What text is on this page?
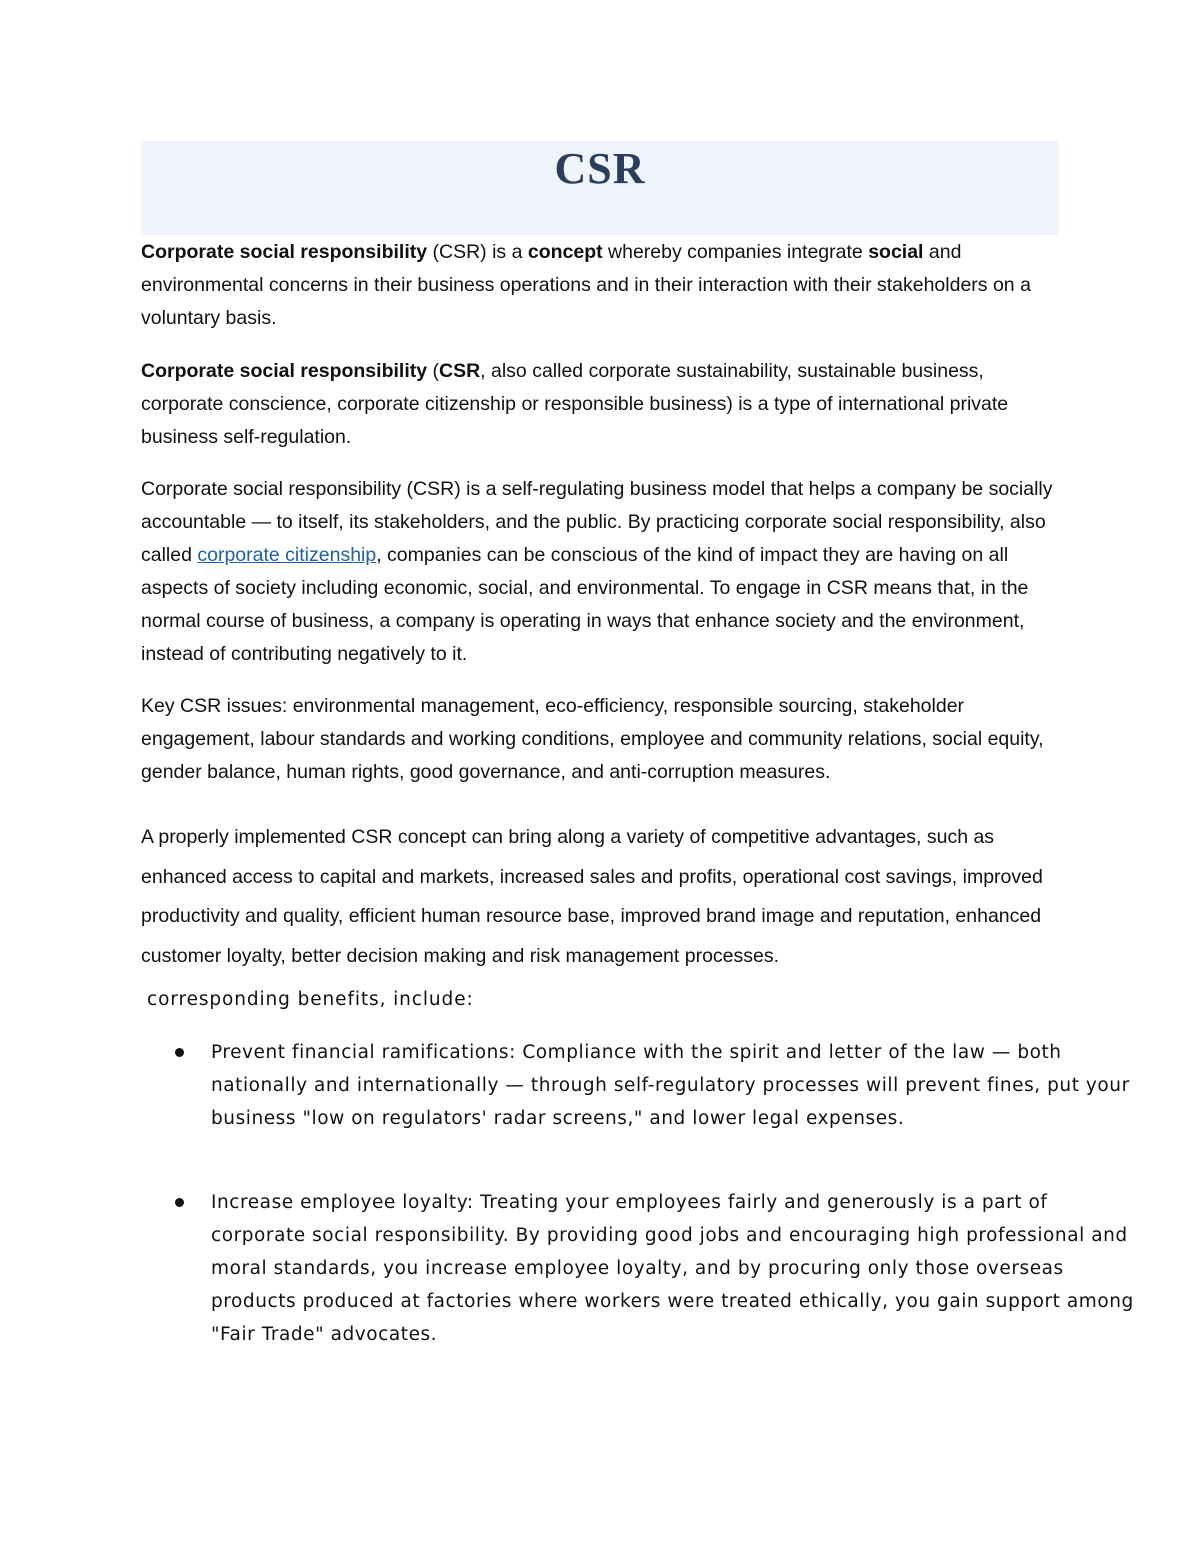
CSR

Corporate social responsibility (CSR) is a concept whereby companies integrate social and environmental concerns in their business operations and in their interaction with their stakeholders on a voluntary basis.

Corporate social responsibility (CSR, also called corporate sustainability, sustainable business, corporate conscience, corporate citizenship or responsible business) is a type of international private business self-regulation.

Corporate social responsibility (CSR) is a self-regulating business model that helps a company be socially accountable — to itself, its stakeholders, and the public. By practicing corporate social responsibility, also called corporate citizenship, companies can be conscious of the kind of impact they are having on all aspects of society including economic, social, and environmental. To engage in CSR means that, in the normal course of business, a company is operating in ways that enhance society and the environment, instead of contributing negatively to it.

Key CSR issues: environmental management, eco-efficiency, responsible sourcing, stakeholder engagement, labour standards and working conditions, employee and community relations, social equity, gender balance, human rights, good governance, and anti-corruption measures.

A properly implemented CSR concept can bring along a variety of competitive advantages, such as enhanced access to capital and markets, increased sales and profits, operational cost savings, improved productivity and quality, efficient human resource base, improved brand image and reputation, enhanced customer loyalty, better decision making and risk management processes.

corresponding benefits, include:
Prevent financial ramifications: Compliance with the spirit and letter of the law — both nationally and internationally — through self-regulatory processes will prevent fines, put your business "low on regulators' radar screens," and lower legal expenses.
Increase employee loyalty: Treating your employees fairly and generously is a part of corporate social responsibility. By providing good jobs and encouraging high professional and moral standards, you increase employee loyalty, and by procuring only those overseas products produced at factories where workers were treated ethically, you gain support among "Fair Trade" advocates.
